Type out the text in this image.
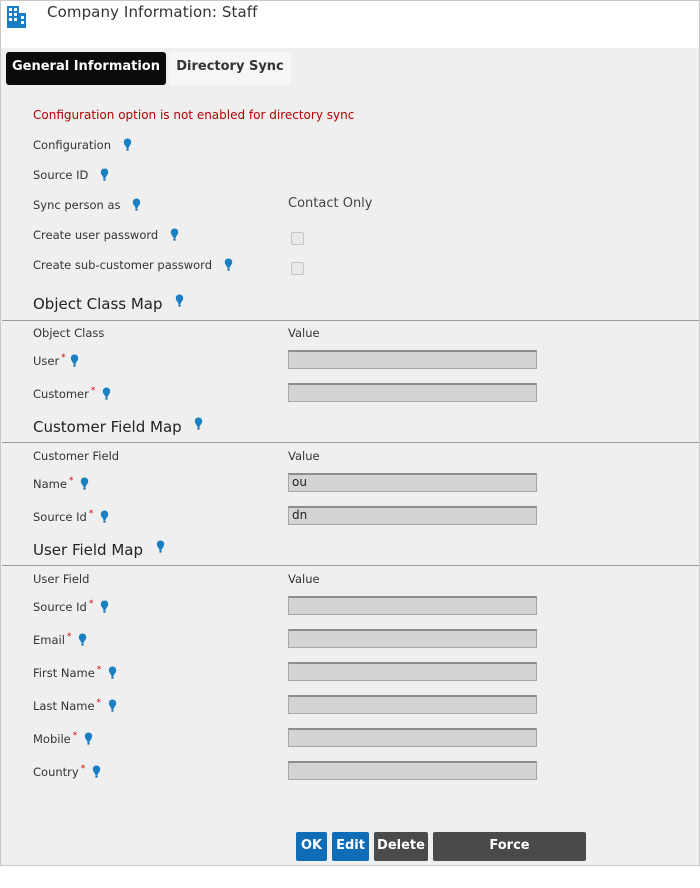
Company Information: Staff
General Information	Directory Sync
Configuration option is not enabled for directory sync
Configuration
Source ID
Sync person as	Contact Only
Create user password
Create sub-customer password
Object Class Map
Object Class	Value
User *
Customer *
Customer Field Map
Customer Field	Value
Name *	ou
Source Id *	dn
User Field Map
User Field	Value
Source Id *
Email *
First Name *
Last Name *
Mobile *
Country *
OK	Edit Delete	Force Synchronisation
